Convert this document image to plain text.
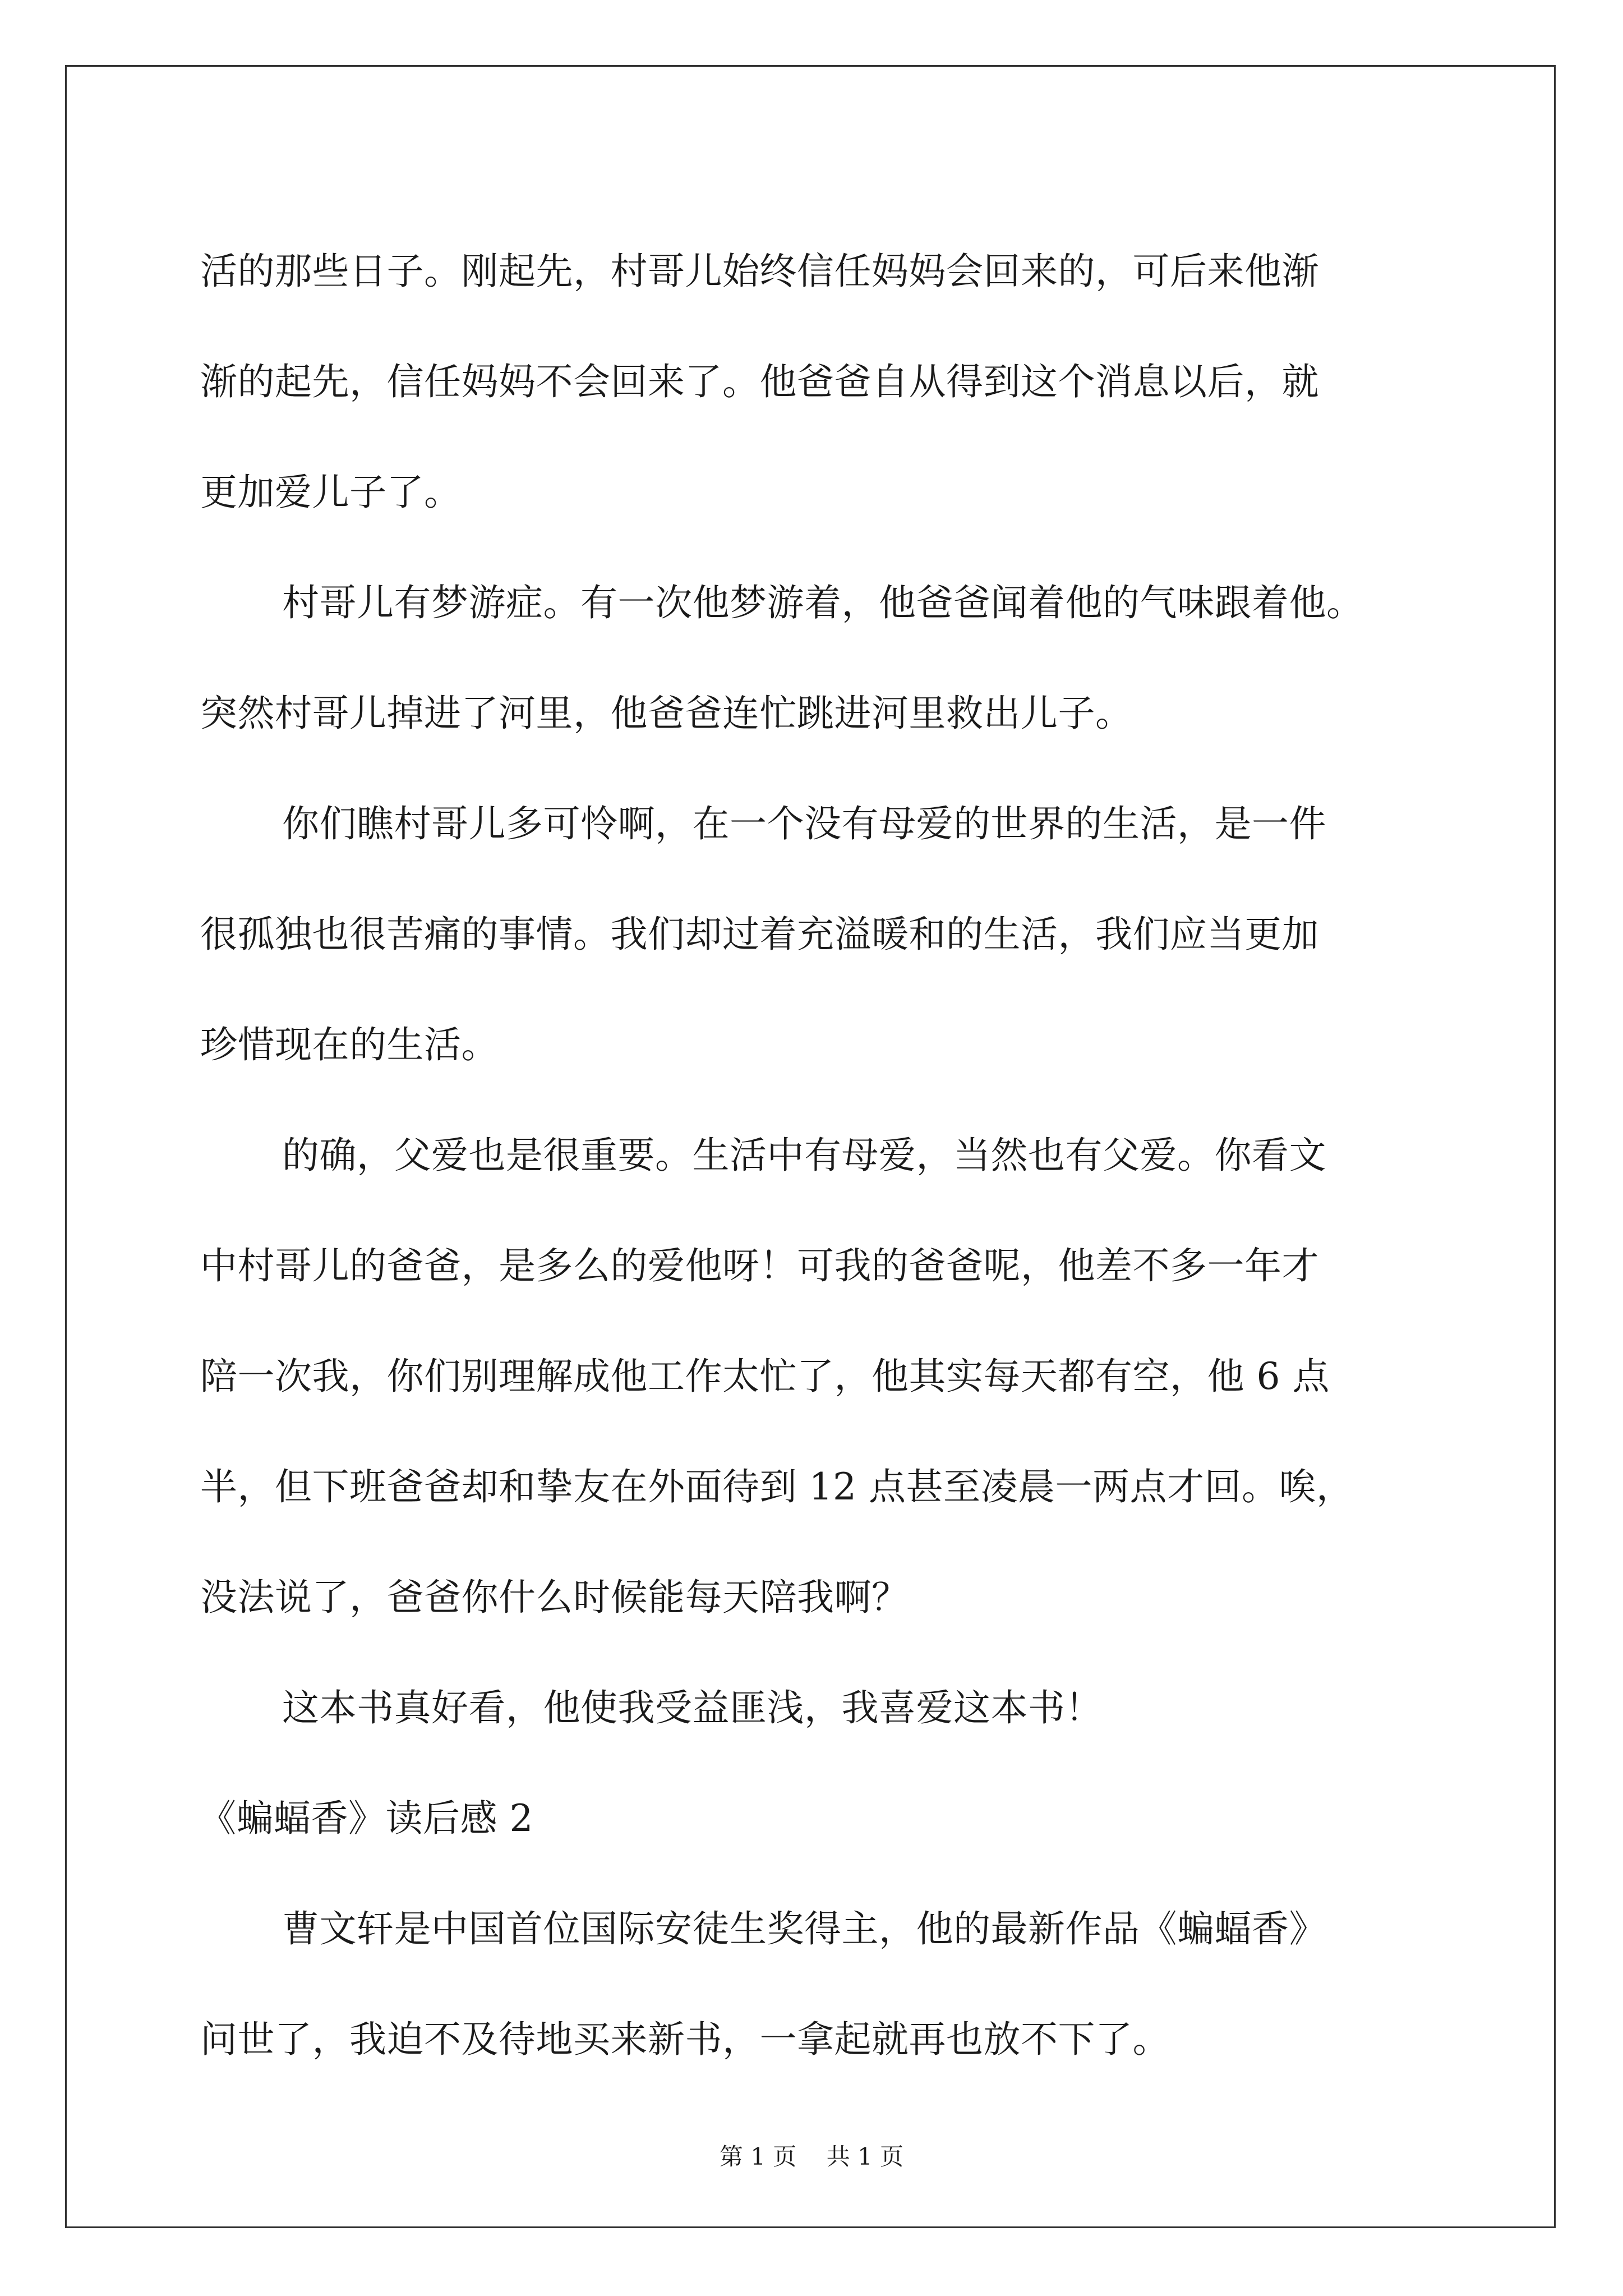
活的那些日子。刚起先，村哥儿始终信任妈妈会回来的，可后来他渐
渐的起先，信任妈妈不会回来了。他爸爸自从得到这个消息以后，就
更加爱儿子了。
村哥儿有梦游症。有一次他梦游着，他爸爸闻着他的气味跟着他。
突然村哥儿掉进了河里，他爸爸连忙跳进河里救出儿子。
你们瞧村哥儿多可怜啊，在一个没有母爱的世界的生活，是一件
很孤独也很苦痛的事情。我们却过着充溢暖和的生活，我们应当更加
珍惜现在的生活。
的确，父爱也是很重要。生活中有母爱，当然也有父爱。你看文
中村哥儿的爸爸，是多么的爱他呀！可我的爸爸呢，他差不多一年才
陪一次我，你们别理解成他工作太忙了，他其实每天都有空，他 6 点
半，但下班爸爸却和挚友在外面待到 12 点甚至凌晨一两点才回。唉，
没法说了，爸爸你什么时候能每天陪我啊？
这本书真好看，他使我受益匪浅，我喜爱这本书！
《蝙蝠香》读后感 2
曹文轩是中国首位国际安徒生奖得主，他的最新作品《蝙蝠香》
问世了，我迫不及待地买来新书，一拿起就再也放不下了。
第 1 页    共 1 页
